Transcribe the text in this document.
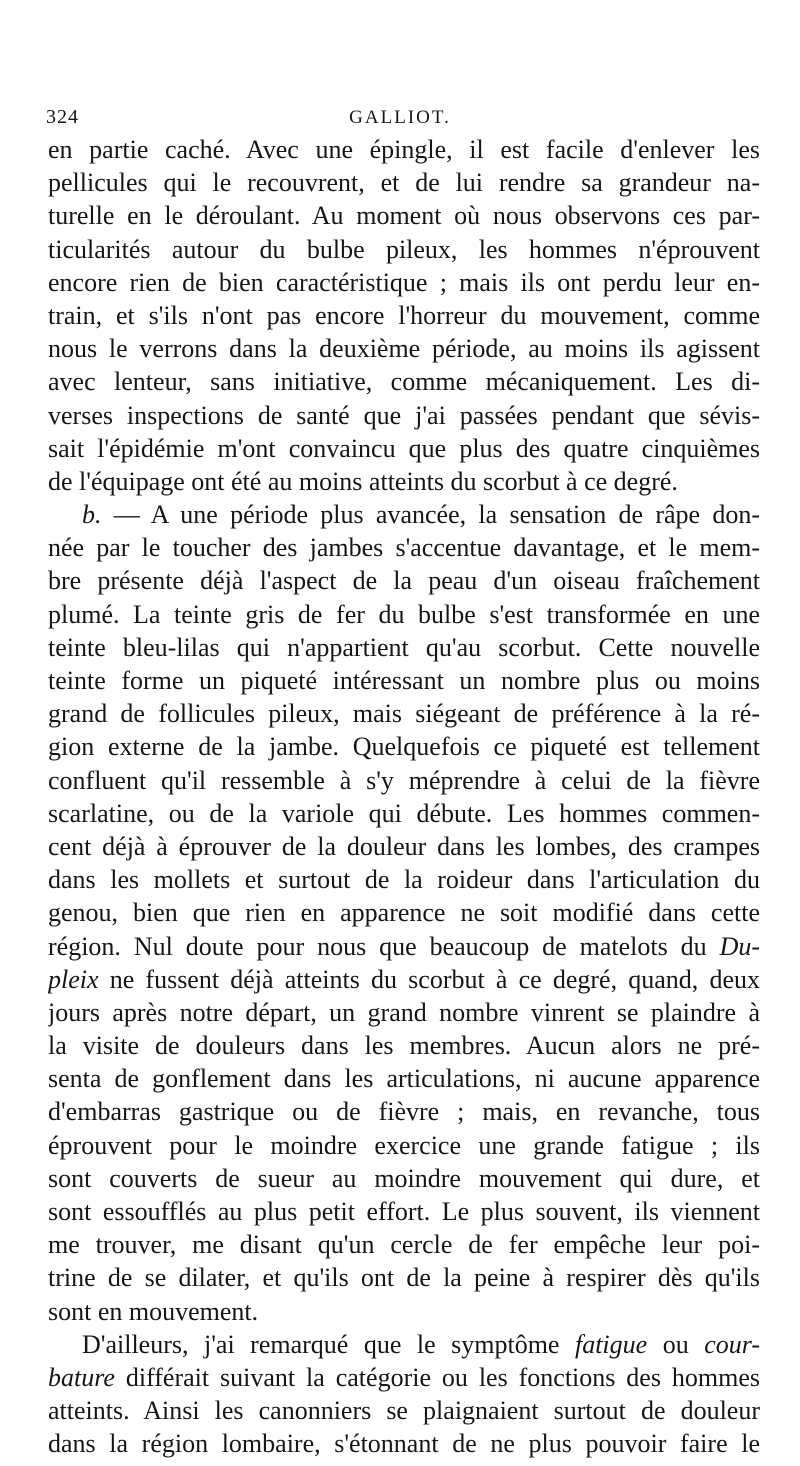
324	GALLIOT.
en partie caché. Avec une épingle, il est facile d'enlever les
pellicules qui le recouvrent, et de lui rendre sa grandeur na-
turelle en le déroulant. Au moment où nous observons ces par-
ticularités autour du bulbe pileux, les hommes n'éprouvent
encore rien de bien caractéristique ; mais ils ont perdu leur en-
train, et s'ils n'ont pas encore l'horreur du mouvement, comme
nous le verrons dans la deuxième période, au moins ils agissent
avec lenteur, sans initiative, comme mécaniquement. Les di-
verses inspections de santé que j'ai passées pendant que sévis-
sait l'épidémie m'ont convaincu que plus des quatre cinquièmes
de l'équipage ont été au moins atteints du scorbut à ce degré.
b. — A une période plus avancée, la sensation de râpe don-
née par le toucher des jambes s'accentue davantage, et le mem-
bre présente déjà l'aspect de la peau d'un oiseau fraîchement
plumé. La teinte gris de fer du bulbe s'est transformée en une
teinte bleu-lilas qui n'appartient qu'au scorbut. Cette nouvelle
teinte forme un piqueté intéressant un nombre plus ou moins
grand de follicules pileux, mais siégeant de préférence à la ré-
gion externe de la jambe. Quelquefois ce piqueté est tellement
confluent qu'il ressemble à s'y méprendre à celui de la fièvre
scarlatine, ou de la variole qui débute. Les hommes commen-
cent déjà à éprouver de la douleur dans les lombes, des crampes
dans les mollets et surtout de la roideur dans l'articulation du
genou, bien que rien en apparence ne soit modifié dans cette
région. Nul doute pour nous que beaucoup de matelots du Du-
pleix ne fussent déjà atteints du scorbut à ce degré, quand, deux
jours après notre départ, un grand nombre vinrent se plaindre à
la visite de douleurs dans les membres. Aucun alors ne pré-
senta de gonflement dans les articulations, ni aucune apparence
d'embarras gastrique ou de fièvre ; mais, en revanche, tous
éprouvent pour le moindre exercice une grande fatigue ; ils
sont couverts de sueur au moindre mouvement qui dure, et
sont essoufflés au plus petit effort. Le plus souvent, ils viennent
me trouver, me disant qu'un cercle de fer empêche leur poi-
trine de se dilater, et qu'ils ont de la peine à respirer dès qu'ils
sont en mouvement.
D'ailleurs, j'ai remarqué que le symptôme fatigue ou cour-
bature différait suivant la catégorie ou les fonctions des hommes
atteints. Ainsi les canonniers se plaignaient surtout de douleur
dans la région lombaire, s'étonnant de ne plus pouvoir faire le
